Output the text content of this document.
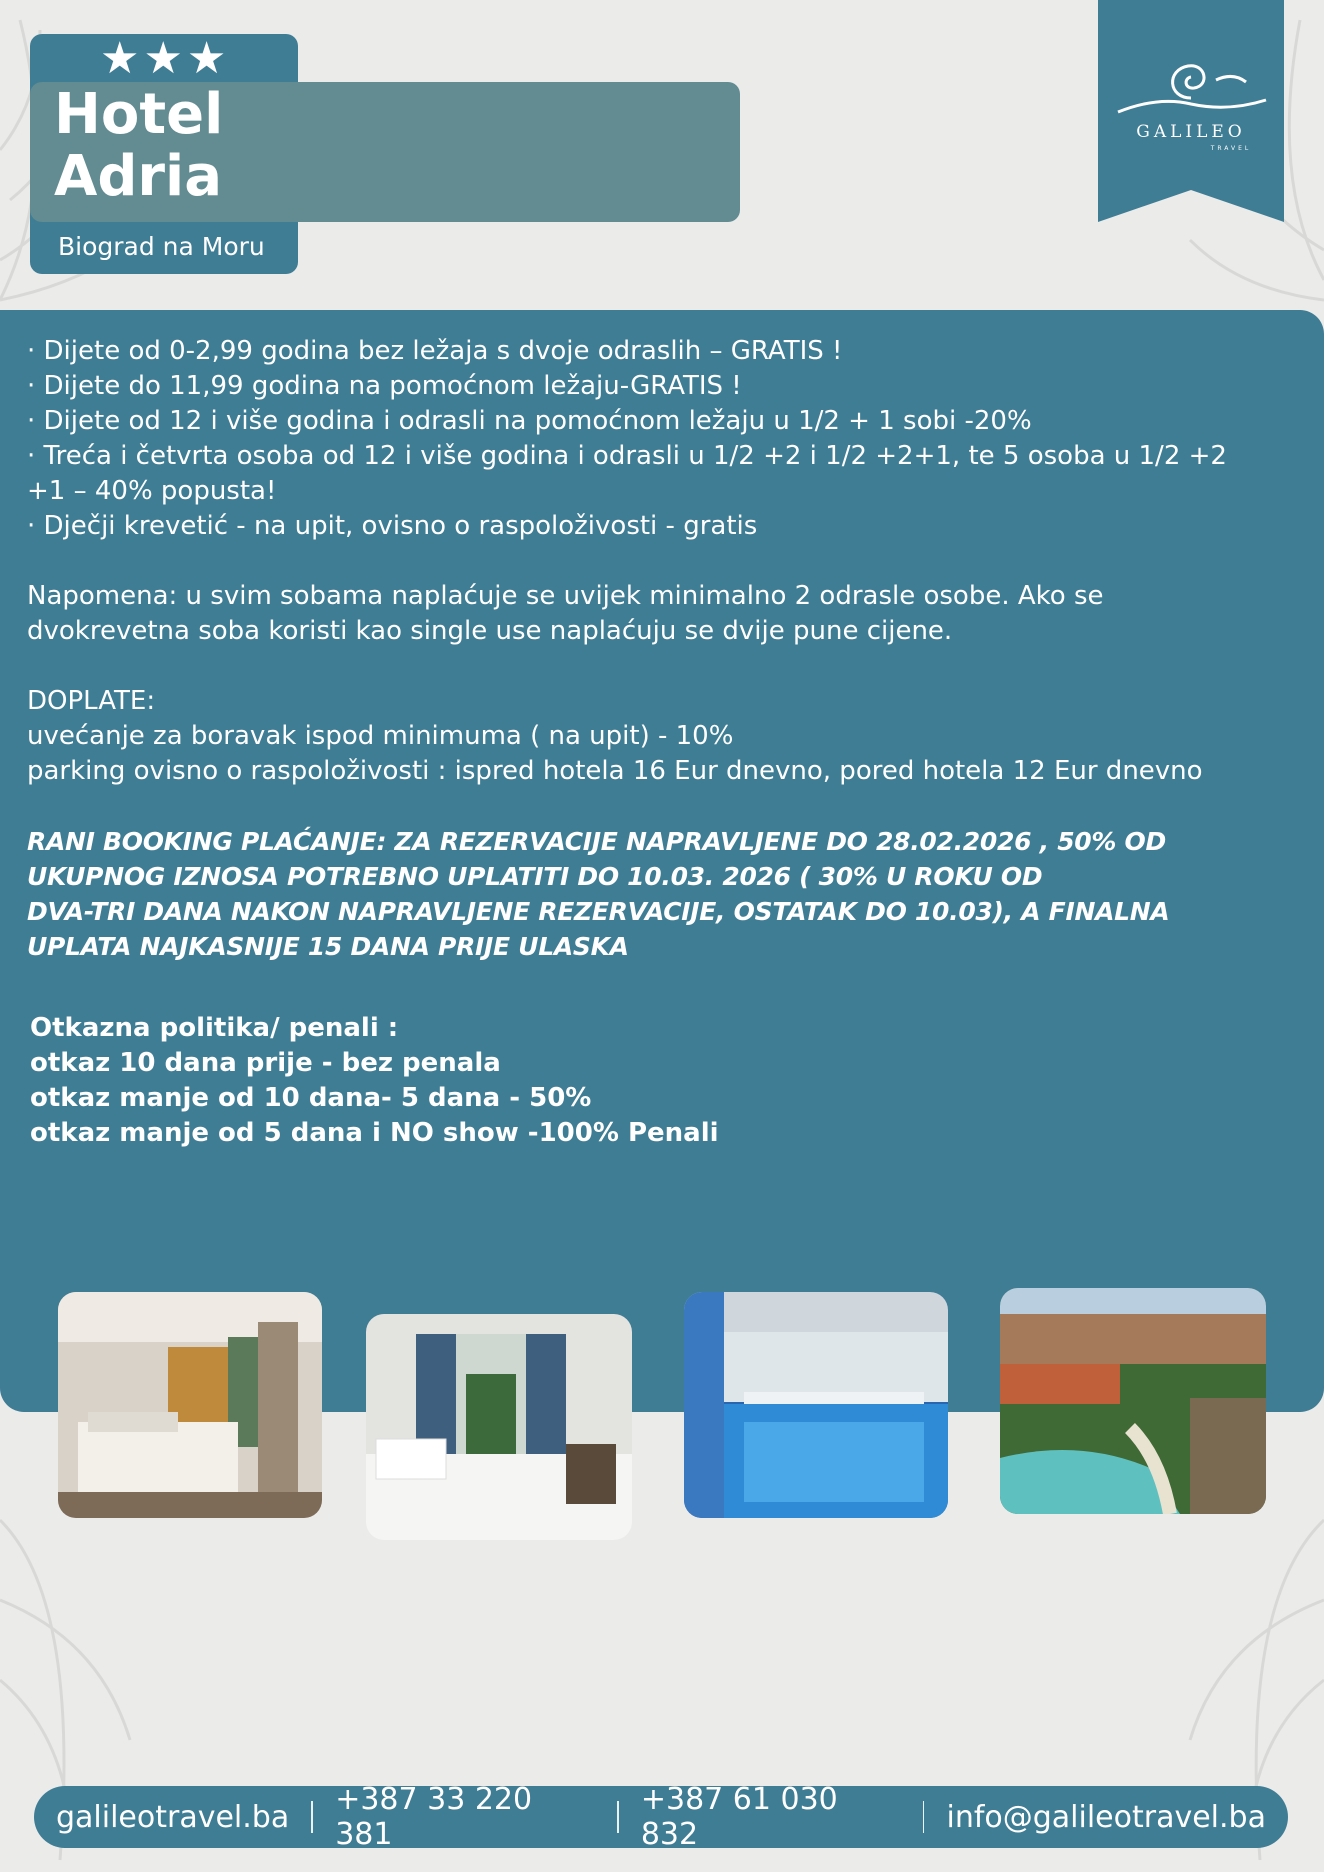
★★★
Hotel
Adria
Biograd na Moru
GALILEO
TRAVEL
· Dijete od 0-2,99 godina bez ležaja s dvoje odraslih – GRATIS !
· Dijete do 11,99 godina na pomoćnom ležaju-GRATIS !
· Dijete od 12 i više godina i odrasli na pomoćnom ležaju u 1/2 + 1 sobi -20%
· Treća i četvrta osoba od 12 i više godina i odrasli u 1/2 +2 i 1/2 +2+1, te 5 osoba u 1/2 +2
+1 – 40% popusta!
· Dječji krevetić - na upit, ovisno o raspoloživosti - gratis
Napomena: u svim sobama naplaćuje se uvijek minimalno 2 odrasle osobe. Ako se
dvokrevetna soba koristi kao single use naplaćuju se dvije pune cijene.
DOPLATE:
uvećanje za boravak ispod minimuma ( na upit) - 10%
parking ovisno o raspoloživosti : ispred hotela 16 Eur dnevno, pored hotela 12 Eur dnevno
RANI BOOKING PLAĆANJE: ZA REZERVACIJE NAPRAVLJENE DO 28.02.2026 , 50% OD
UKUPNOG IZNOSA POTREBNO UPLATITI DO 10.03. 2026 ( 30% U ROKU OD
DVA-TRI DANA NAKON NAPRAVLJENE REZERVACIJE, OSTATAK DO 10.03), A FINALNA
UPLATA NAJKASNIJE 15 DANA PRIJE ULASKA
Otkazna politika/ penali :
otkaz 10 dana prije - bez penala
otkaz manje od 10 dana- 5 dana - 50%
otkaz manje od 5 dana i NO show -100% Penali
galileotravel.ba	+387 33 220 381
+387 61 030 832	info@galileotravel.ba
